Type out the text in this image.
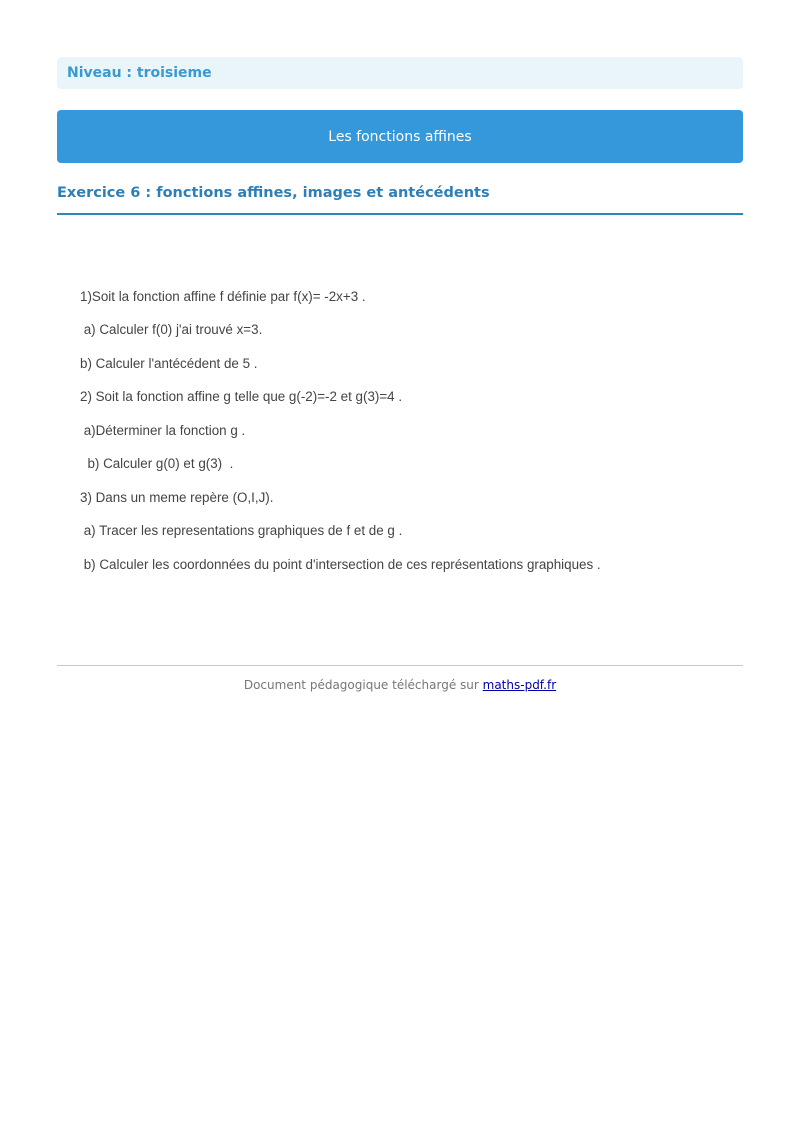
Niveau : troisieme
Les fonctions affines
Exercice 6 : fonctions affines, images et antécédents
1)Soit la fonction affine f définie par f(x)= -2x+3 .
a) Calculer f(0) j'ai trouvé x=3.
b) Calculer l'antécédent de 5 .
2) Soit la fonction affine g telle que g(-2)=-2 et g(3)=4 .
a)Déterminer la fonction g .
b) Calculer g(0) et g(3)  .
3) Dans un meme repère (O,I,J).
a) Tracer les representations graphiques de f et de g .
b) Calculer les coordonnées du point d'intersection de ces représentations graphiques .
Document pédagogique téléchargé sur maths-pdf.fr
